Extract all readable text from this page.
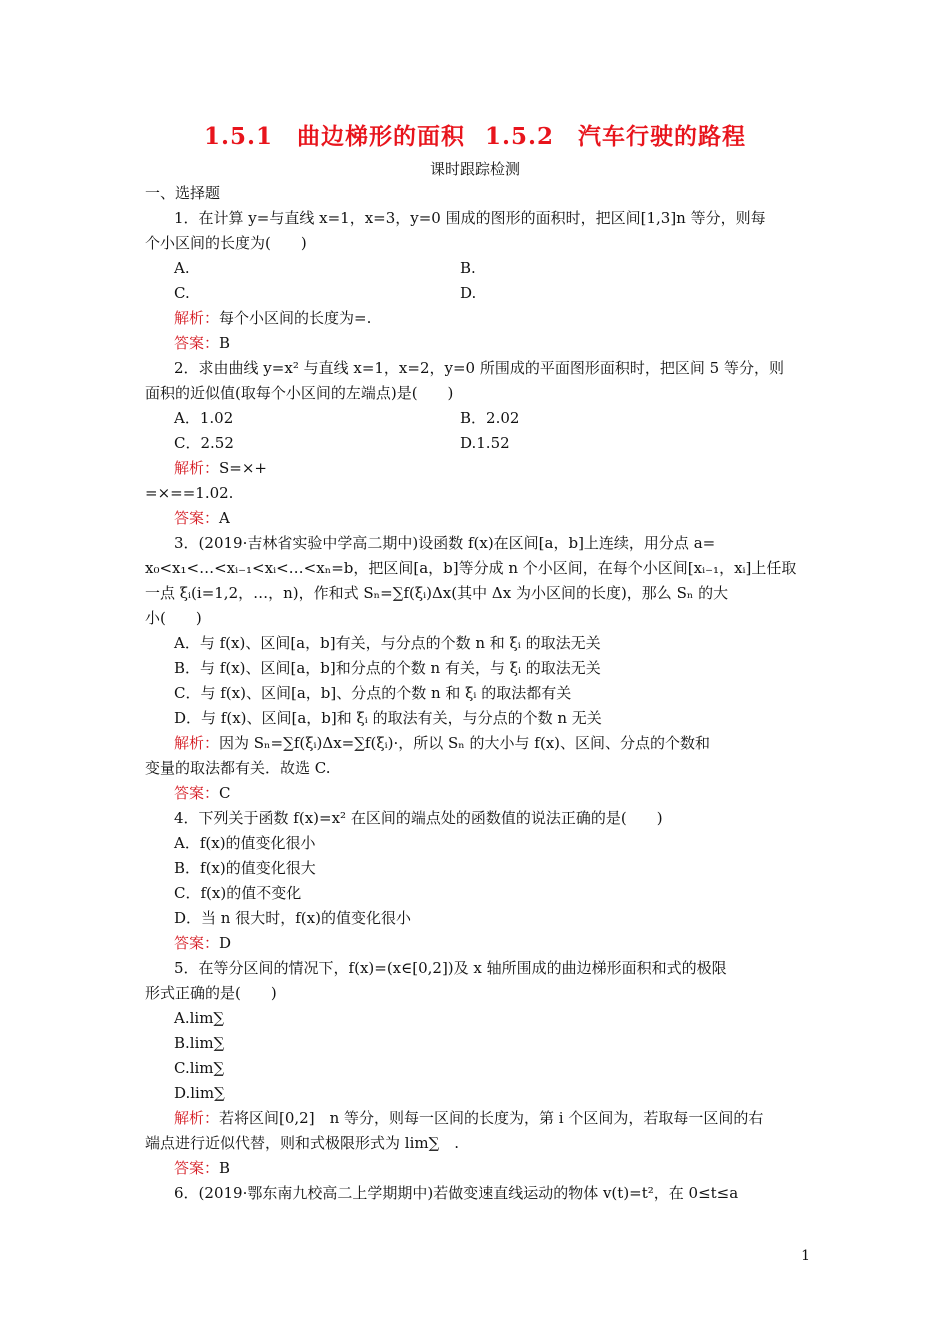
1.5.1　曲边梯形的面积 1.5.2　汽车行驶的路程
课时跟踪检测
一、选择题
1．在计算 y=与直线 x=1，x=3，y=0 围成的图形的面积时，把区间[1,3]n 等分，则每
个小区间的长度为(　　)
A.	B.
C.	D.
解析：每个小区间的长度为=.
答案：B
2．求由曲线 y=x² 与直线 x=1，x=2，y=0 所围成的平面图形面积时，把区间 5 等分，则
面积的近似值(取每个小区间的左端点)是(　　)
A．1.02	B．2.02
C．2.52	D.1.52
解析：S=×+
=×==1.02.
答案：A
3．(2019·吉林省实验中学高二期中)设函数 f(x)在区间[a，b]上连续，用分点 a=
x₀<x₁<…<xᵢ₋₁<xᵢ<…<xₙ=b，把区间[a，b]等分成 n 个小区间，在每个小区间[xᵢ₋₁，xᵢ]上任取
一点 ξᵢ(i=1,2，…，n)，作和式 Sₙ=∑f(ξᵢ)Δx(其中 Δx 为小区间的长度)，那么 Sₙ 的大
小(　　)
A．与 f(x)、区间[a，b]有关，与分点的个数 n 和 ξᵢ 的取法无关
B．与 f(x)、区间[a，b]和分点的个数 n 有关，与 ξᵢ 的取法无关
C．与 f(x)、区间[a，b]、分点的个数 n 和 ξᵢ 的取法都有关
D．与 f(x)、区间[a，b]和 ξᵢ 的取法有关，与分点的个数 n 无关
解析：因为 Sₙ=∑f(ξᵢ)Δx=∑f(ξᵢ)·，所以 Sₙ 的大小与 f(x)、区间、分点的个数和
变量的取法都有关．故选 C.
答案：C
4．下列关于函数 f(x)=x² 在区间的端点处的函数值的说法正确的是(　　)
A．f(x)的值变化很小
B．f(x)的值变化很大
C．f(x)的值不变化
D．当 n 很大时，f(x)的值变化很小
答案：D
5．在等分区间的情况下，f(x)=(x∈[0,2])及 x 轴所围成的曲边梯形面积和式的极限
形式正确的是(　　)
A.lim∑
B.lim∑
C.lim∑
D.lim∑
解析：若将区间[0,2]　n 等分，则每一区间的长度为，第 i 个区间为，若取每一区间的右
端点进行近似代替，则和式极限形式为 lim∑　.
答案：B
6．(2019·鄂东南九校高二上学期期中)若做变速直线运动的物体 v(t)=t²，在 0≤t≤a
1
